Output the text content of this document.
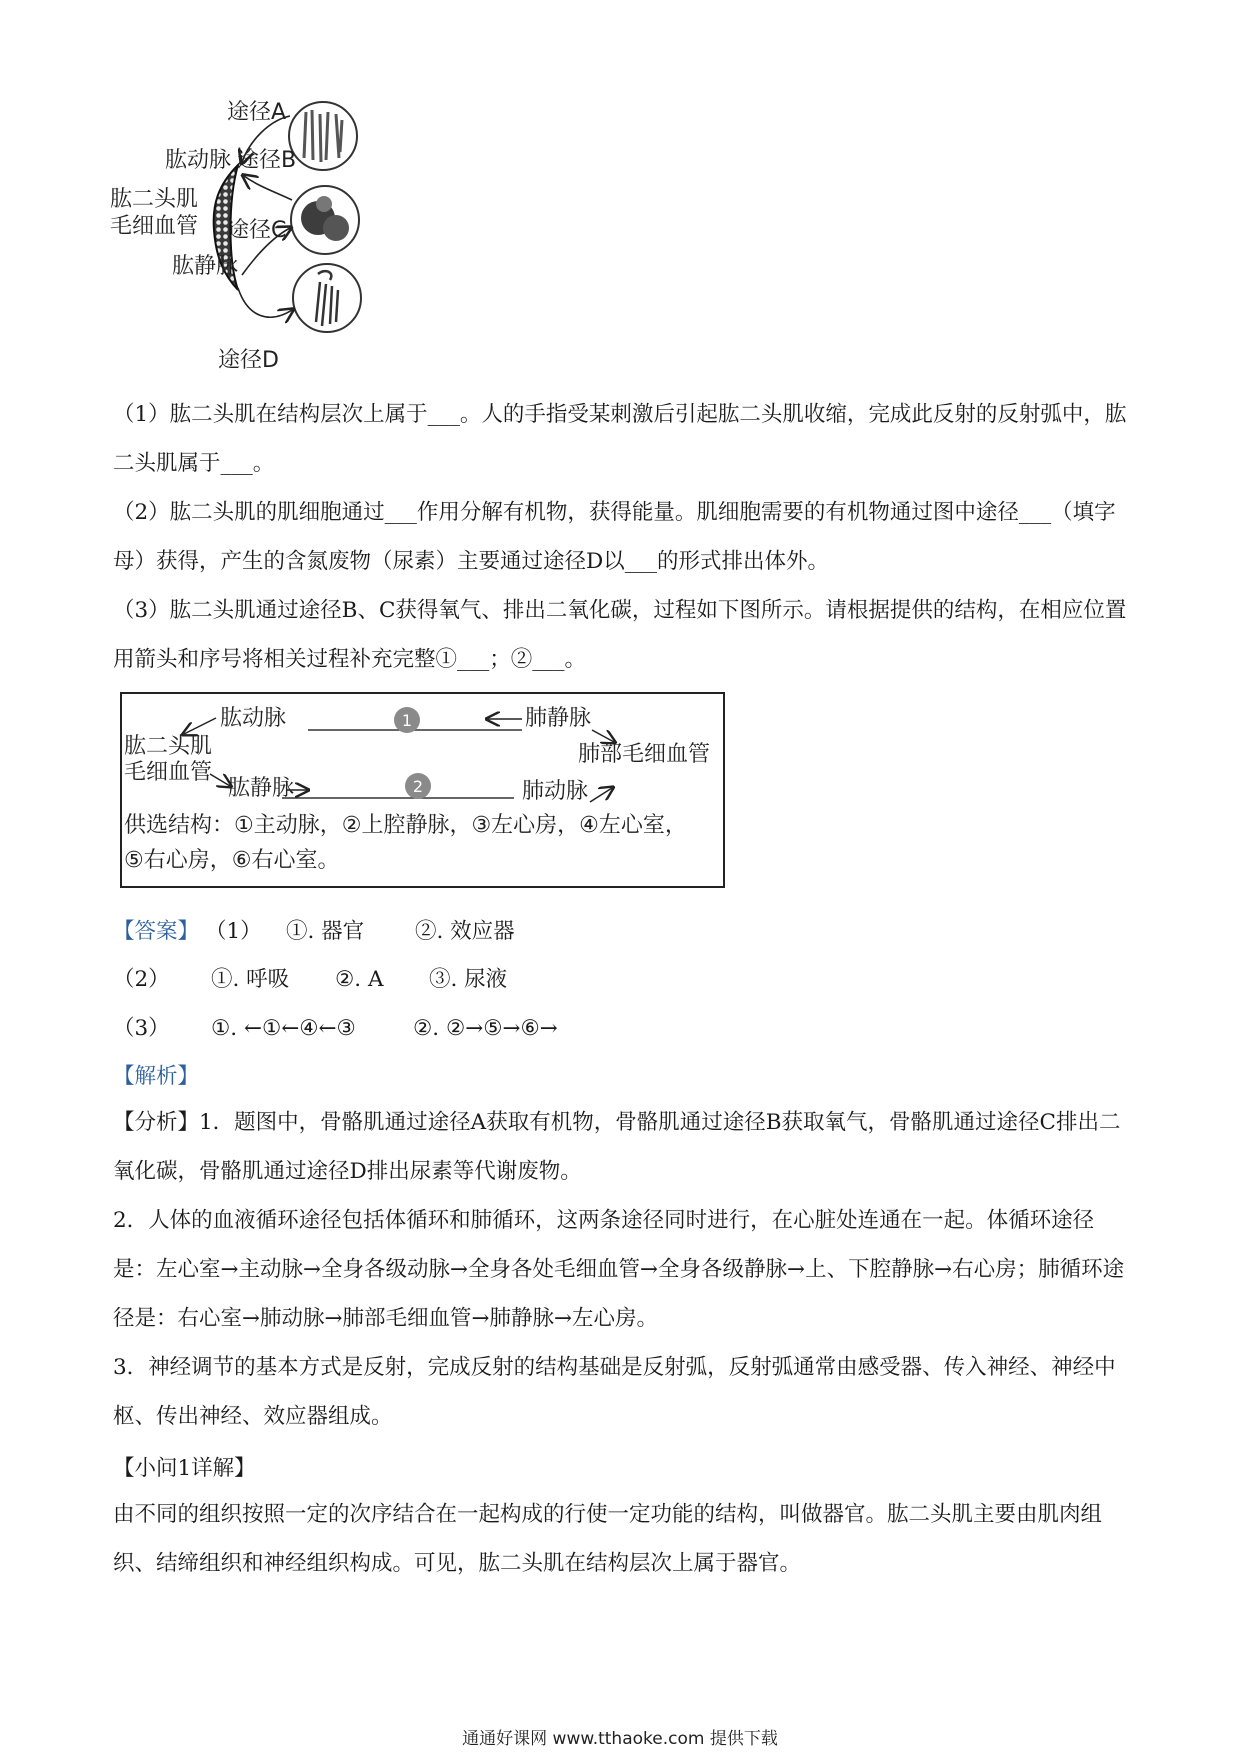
途径A
肱动脉 途径B
肱二头肌
毛细血管 途径C
肱静脉
途径D

（1）肱二头肌在结构层次上属于___。人的手指受某刺激后引起肱二头肌收缩，完成此反射的反射弧中，肱二头肌属于___。

（2）肱二头肌的肌细胞通过___作用分解有机物，获得能量。肌细胞需要的有机物通过图中途径___（填字母）获得，产生的含氮废物（尿素）主要通过途径D以___的形式排出体外。

（3）肱二头肌通过途径B、C获得氧气、排出二氧化碳，过程如下图所示。请根据提供的结构，在相应位置用箭头和序号将相关过程补充完整①___；②___。

1
2
肱动脉	肺静脉
肱二头肌
毛细血管
肺部毛细血管
肱静脉	肺动脉
供选结构：①主动脉，②上腔静脉，③左心房，④左心室，
⑤右心房，⑥右心室。
【答案】 （1） ①. 器官 ②. 效应器
（2） ①. 呼吸 ②. A ③. 尿液
（3） ①. ←①←④←③	②. ②→⑤→⑥→
【解析】

【分析】1．题图中，骨骼肌通过途径A获取有机物，骨骼肌通过途径B获取氧气，骨骼肌通过途径C排出二氧化碳，骨骼肌通过途径D排出尿素等代谢废物。

2．人体的血液循环途径包括体循环和肺循环，这两条途径同时进行，在心脏处连通在一起。体循环途径是：左心室→主动脉→全身各级动脉→全身各处毛细血管→全身各级静脉→上、下腔静脉→右心房；肺循环途径是：右心室→肺动脉→肺部毛细血管→肺静脉→左心房。

3．神经调节的基本方式是反射，完成反射的结构基础是反射弧，反射弧通常由感受器、传入神经、神经中枢、传出神经、效应器组成。

【小问1详解】

由不同的组织按照一定的次序结合在一起构成的行使一定功能的结构，叫做器官。肱二头肌主要由肌肉组织、结缔组织和神经组织构成。可见，肱二头肌在结构层次上属于器官。

通通好课网 www.tthaoke.com 提供下载
